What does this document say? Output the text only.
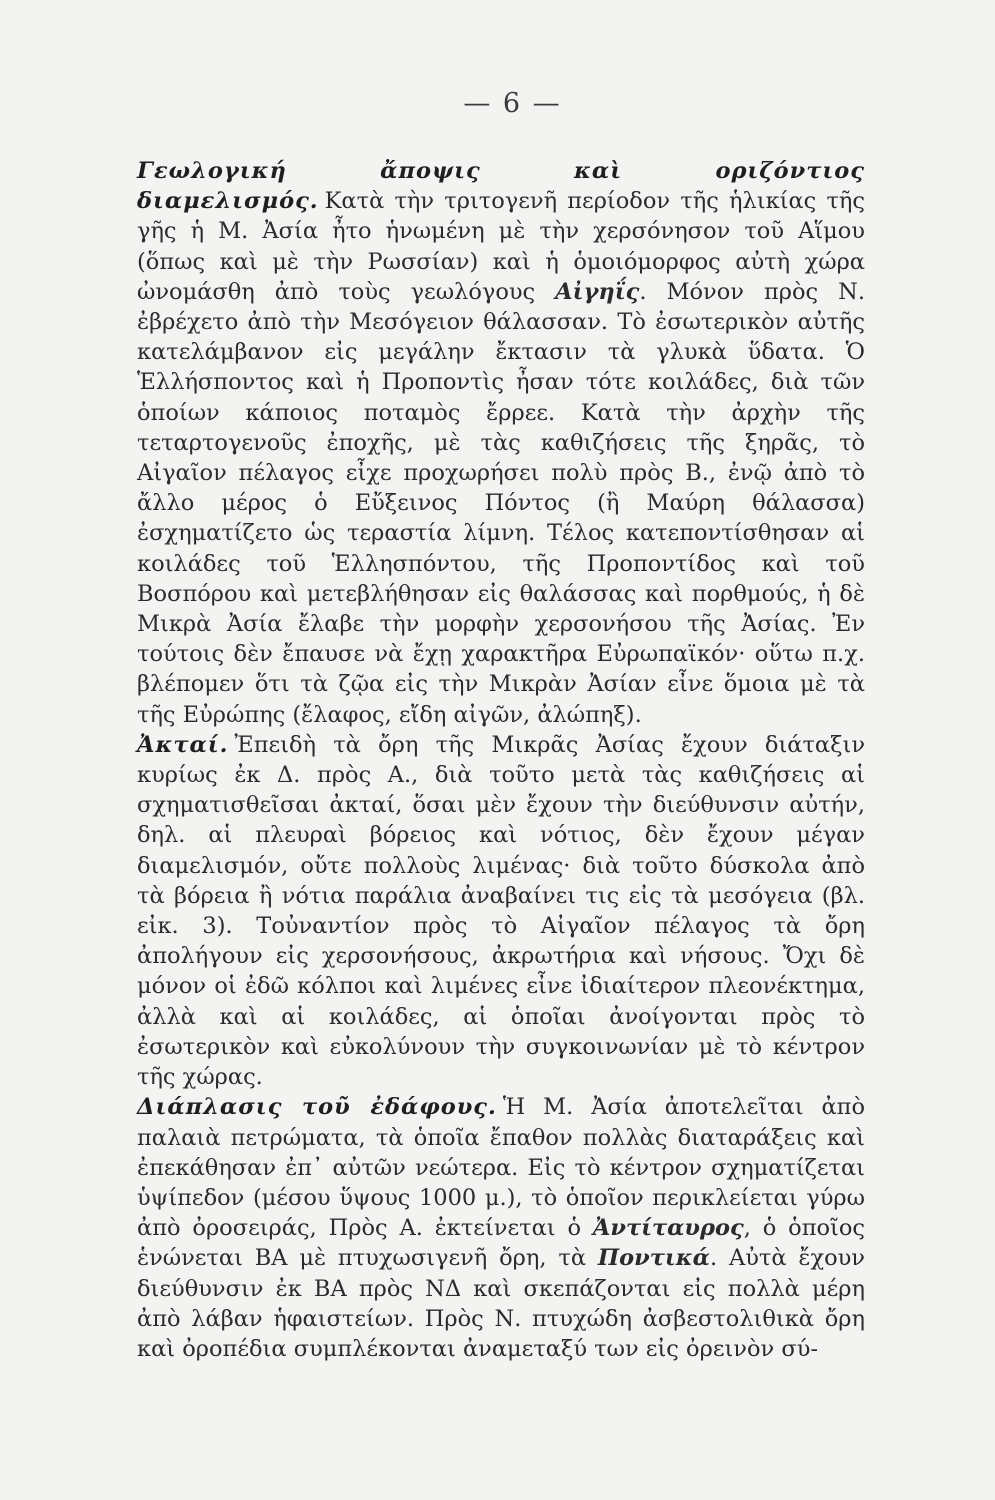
— 6 —

Γεωλογική ἄποψις καὶ οριζόντιος διαμελισμός. Κατὰ τὴν τριτογενῆ περίοδον τῆς ἡλικίας τῆς γῆς ἡ Μ. Ἀσία ἦτο ἡνωμένη μὲ τὴν χερσόνησον τοῦ Αἵμου (ὅπως καὶ μὲ τὴν Ρωσσίαν) καὶ ἡ ὁμοιόμορφος αὐτὴ χώρα ὠνομάσθη ἀπὸ τοὺς γεωλόγους Αἰγηΐς. Μόνον πρὸς Ν. ἐβρέχετο ἀπὸ τὴν Μεσόγειον θάλασσαν. Τὸ ἐσωτερικὸν αὐτῆς κατελάμβανον εἰς μεγάλην ἔκτασιν τὰ γλυκὰ ὕδατα. Ὁ Ἑλλήσποντος καὶ ἡ Προποντὶς ἦσαν τότε κοιλάδες, διὰ τῶν ὁποίων κάποιος ποταμὸς ἔρρεε. Κατὰ τὴν ἀρχὴν τῆς τεταρτογενοῦς ἐποχῆς, μὲ τὰς καθιζήσεις τῆς ξηρᾶς, τὸ Αἰγαῖον πέλαγος εἶχε προχωρήσει πολὺ πρὸς Β., ἐνῷ ἀπὸ τὸ ἄλλο μέρος ὁ Εὔξεινος Πόντος (ἢ Μαύρη θάλασσα) ἐσχηματίζετο ὡς τεραστία λίμνη. Τέλος κατεποντίσθησαν αἱ κοιλάδες τοῦ Ἑλλησπόντου, τῆς Προποντίδος καὶ τοῦ Βοσπόρου καὶ μετεβλήθησαν εἰς θαλάσσας καὶ πορθμούς, ἡ δὲ Μικρὰ Ἀσία ἔλαβε τὴν μορφὴν χερσονήσου τῆς Ἀσίας. Ἐν τούτοις δὲν ἔπαυσε νὰ ἔχῃ χαρακτῆρα Εὐρωπαϊκόν· οὕτω π.χ. βλέπομεν ὅτι τὰ ζῷα εἰς τὴν Μικρὰν Ἀσίαν εἶνε ὅμοια μὲ τὰ τῆς Εὐρώπης (ἔλαφος, εἴδη αἰγῶν, ἀλώπηξ).

Ἀκταί. Ἐπειδὴ τὰ ὄρη τῆς Μικρᾶς Ἀσίας ἔχουν διάταξιν κυρίως ἐκ Δ. πρὸς Α., διὰ τοῦτο μετὰ τὰς καθιζήσεις αἱ σχηματισθεῖσαι ἀκταί, ὅσαι μὲν ἔχουν τὴν διεύθυνσιν αὐτήν, δηλ. αἱ πλευραὶ βόρειος καὶ νότιος, δὲν ἔχουν μέγαν διαμελισμόν, οὔτε πολλοὺς λιμένας· διὰ τοῦτο δύσκολα ἀπὸ τὰ βόρεια ἢ νότια παράλια ἀναβαίνει τις εἰς τὰ μεσόγεια (βλ. εἰκ. 3). Τοὐναντίον πρὸς τὸ Αἰγαῖον πέλαγος τὰ ὄρη ἀπολήγουν εἰς χερσονήσους, ἀκρωτήρια καὶ νήσους. Ὄχι δὲ μόνον οἱ ἐδῶ κόλποι καὶ λιμένες εἶνε ἰδιαίτερον πλεονέκτημα, ἀλλὰ καὶ αἱ κοιλάδες, αἱ ὁποῖαι ἀνοίγονται πρὸς τὸ ἐσωτερικὸν καὶ εὐκολύνουν τὴν συγκοινωνίαν μὲ τὸ κέντρον τῆς χώρας.

Διάπλασις τοῦ ἐδάφους. Ἡ Μ. Ἀσία ἀποτελεῖται ἀπὸ παλαιὰ πετρώματα, τὰ ὁποῖα ἔπαθον πολλὰς διαταράξεις καὶ ἐπεκάθησαν ἐπ᾽ αὐτῶν νεώτερα. Εἰς τὸ κέντρον σχηματίζεται ὑψίπεδον (μέσου ὕψους 1000 μ.), τὸ ὁποῖον περικλείεται γύρω ἀπὸ ὀροσειράς, Πρὸς Α. ἐκτείνεται ὁ Ἀντίταυρος, ὁ ὁποῖος ἑνώνεται ΒΑ μὲ πτυχωσιγενῆ ὄρη, τὰ Ποντικά. Αὐτὰ ἔχουν διεύθυνσιν ἐκ ΒΑ πρὸς ΝΔ καὶ σκεπάζονται εἰς πολλὰ μέρη ἀπὸ λάβαν ἡφαιστείων. Πρὸς Ν. πτυχώδη ἀσβεστολιθικὰ ὄρη καὶ ὀροπέδια συμπλέκονται ἀναμεταξύ των εἰς ὀρεινὸν σύ-
